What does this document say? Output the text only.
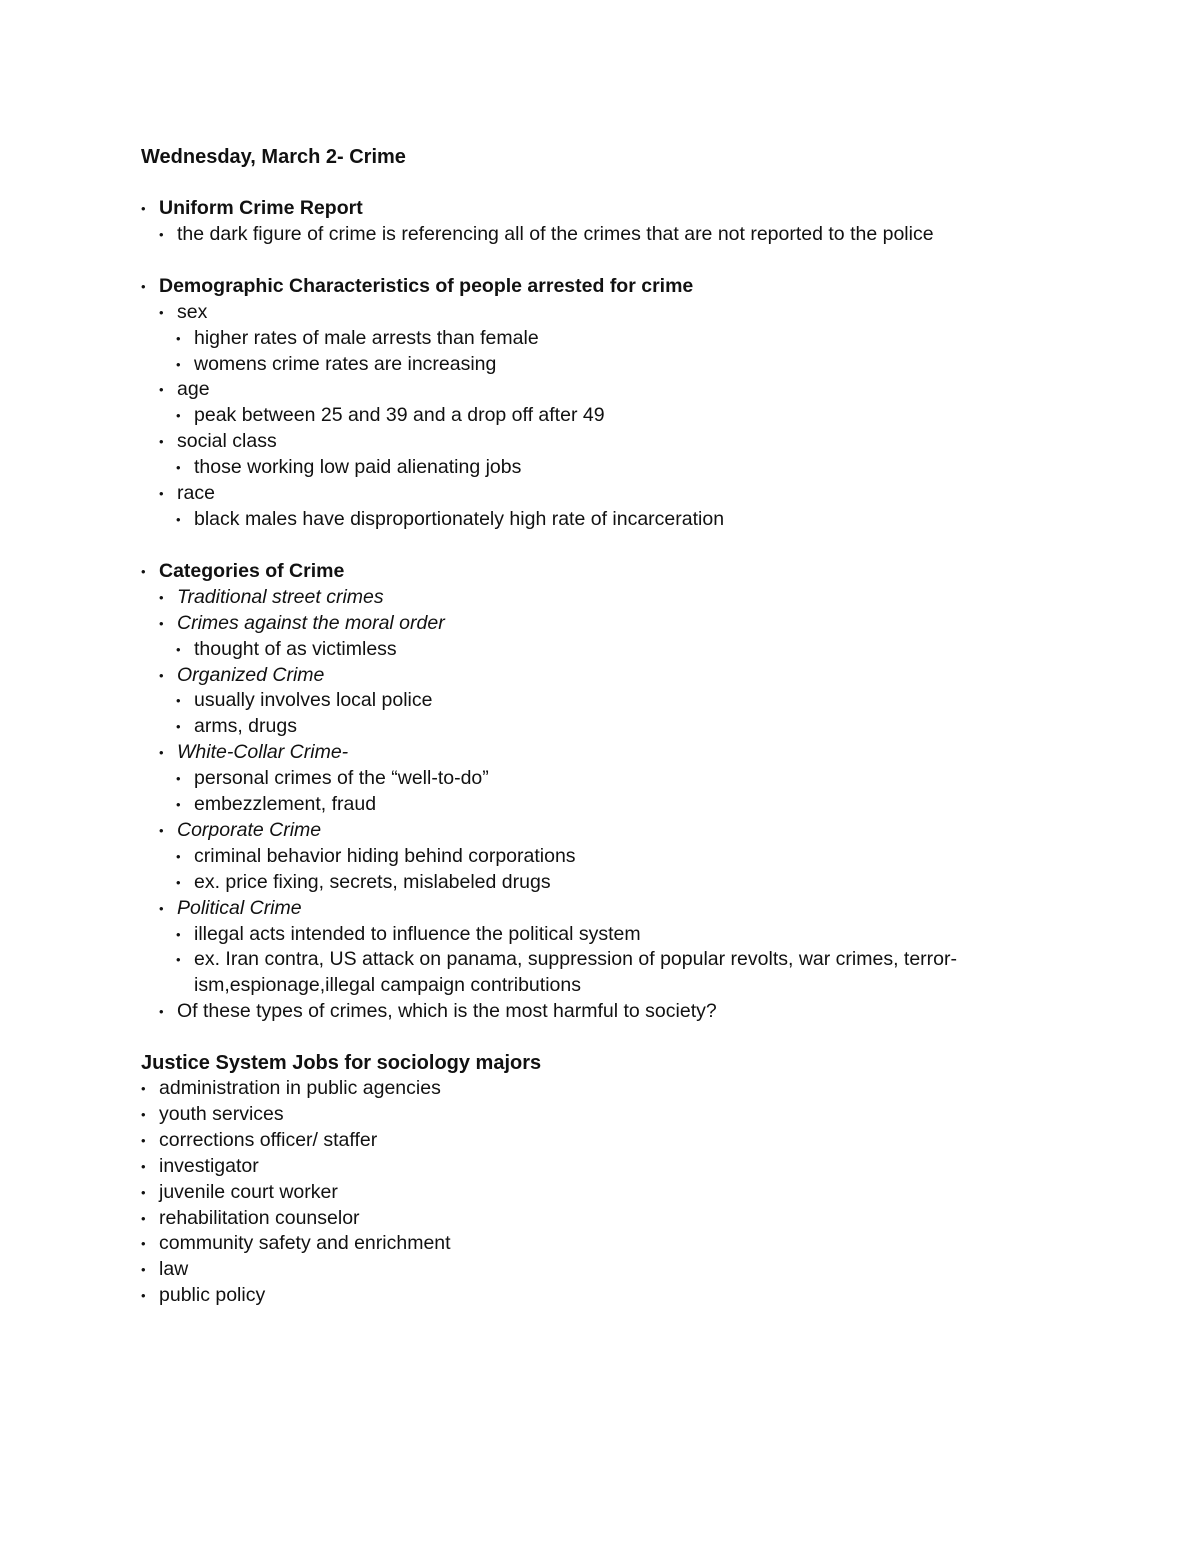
Wednesday, March 2- Crime
• Uniform Crime Report
• the dark figure of crime is referencing all of the crimes that are not reported to the police
• Demographic Characteristics of people arrested for crime
• sex
• higher rates of male arrests than female
• womens crime rates are increasing
• age
• peak between 25 and 39 and a drop off after 49
• social class
• those working low paid alienating jobs
• race
• black males have disproportionately high rate of incarceration
• Categories of Crime
• Traditional street crimes
• Crimes against the moral order
• thought of as victimless
• Organized Crime
• usually involves local police
• arms, drugs
• White-Collar Crime-
• personal crimes of the “well-to-do”
• embezzlement, fraud
• Corporate Crime
• criminal behavior hiding behind corporations
• ex. price fixing, secrets, mislabeled drugs
• Political Crime
• illegal acts intended to influence the political system
• ex. Iran contra, US attack on panama, suppression of popular revolts, war crimes, terror-ism,espionage,illegal campaign contributions
• Of these types of crimes, which is the most harmful to society?
Justice System Jobs for sociology majors
• administration in public agencies
• youth services
• corrections officer/ staffer
• investigator
• juvenile court worker
• rehabilitation counselor
• community safety and enrichment
• law
• public policy
